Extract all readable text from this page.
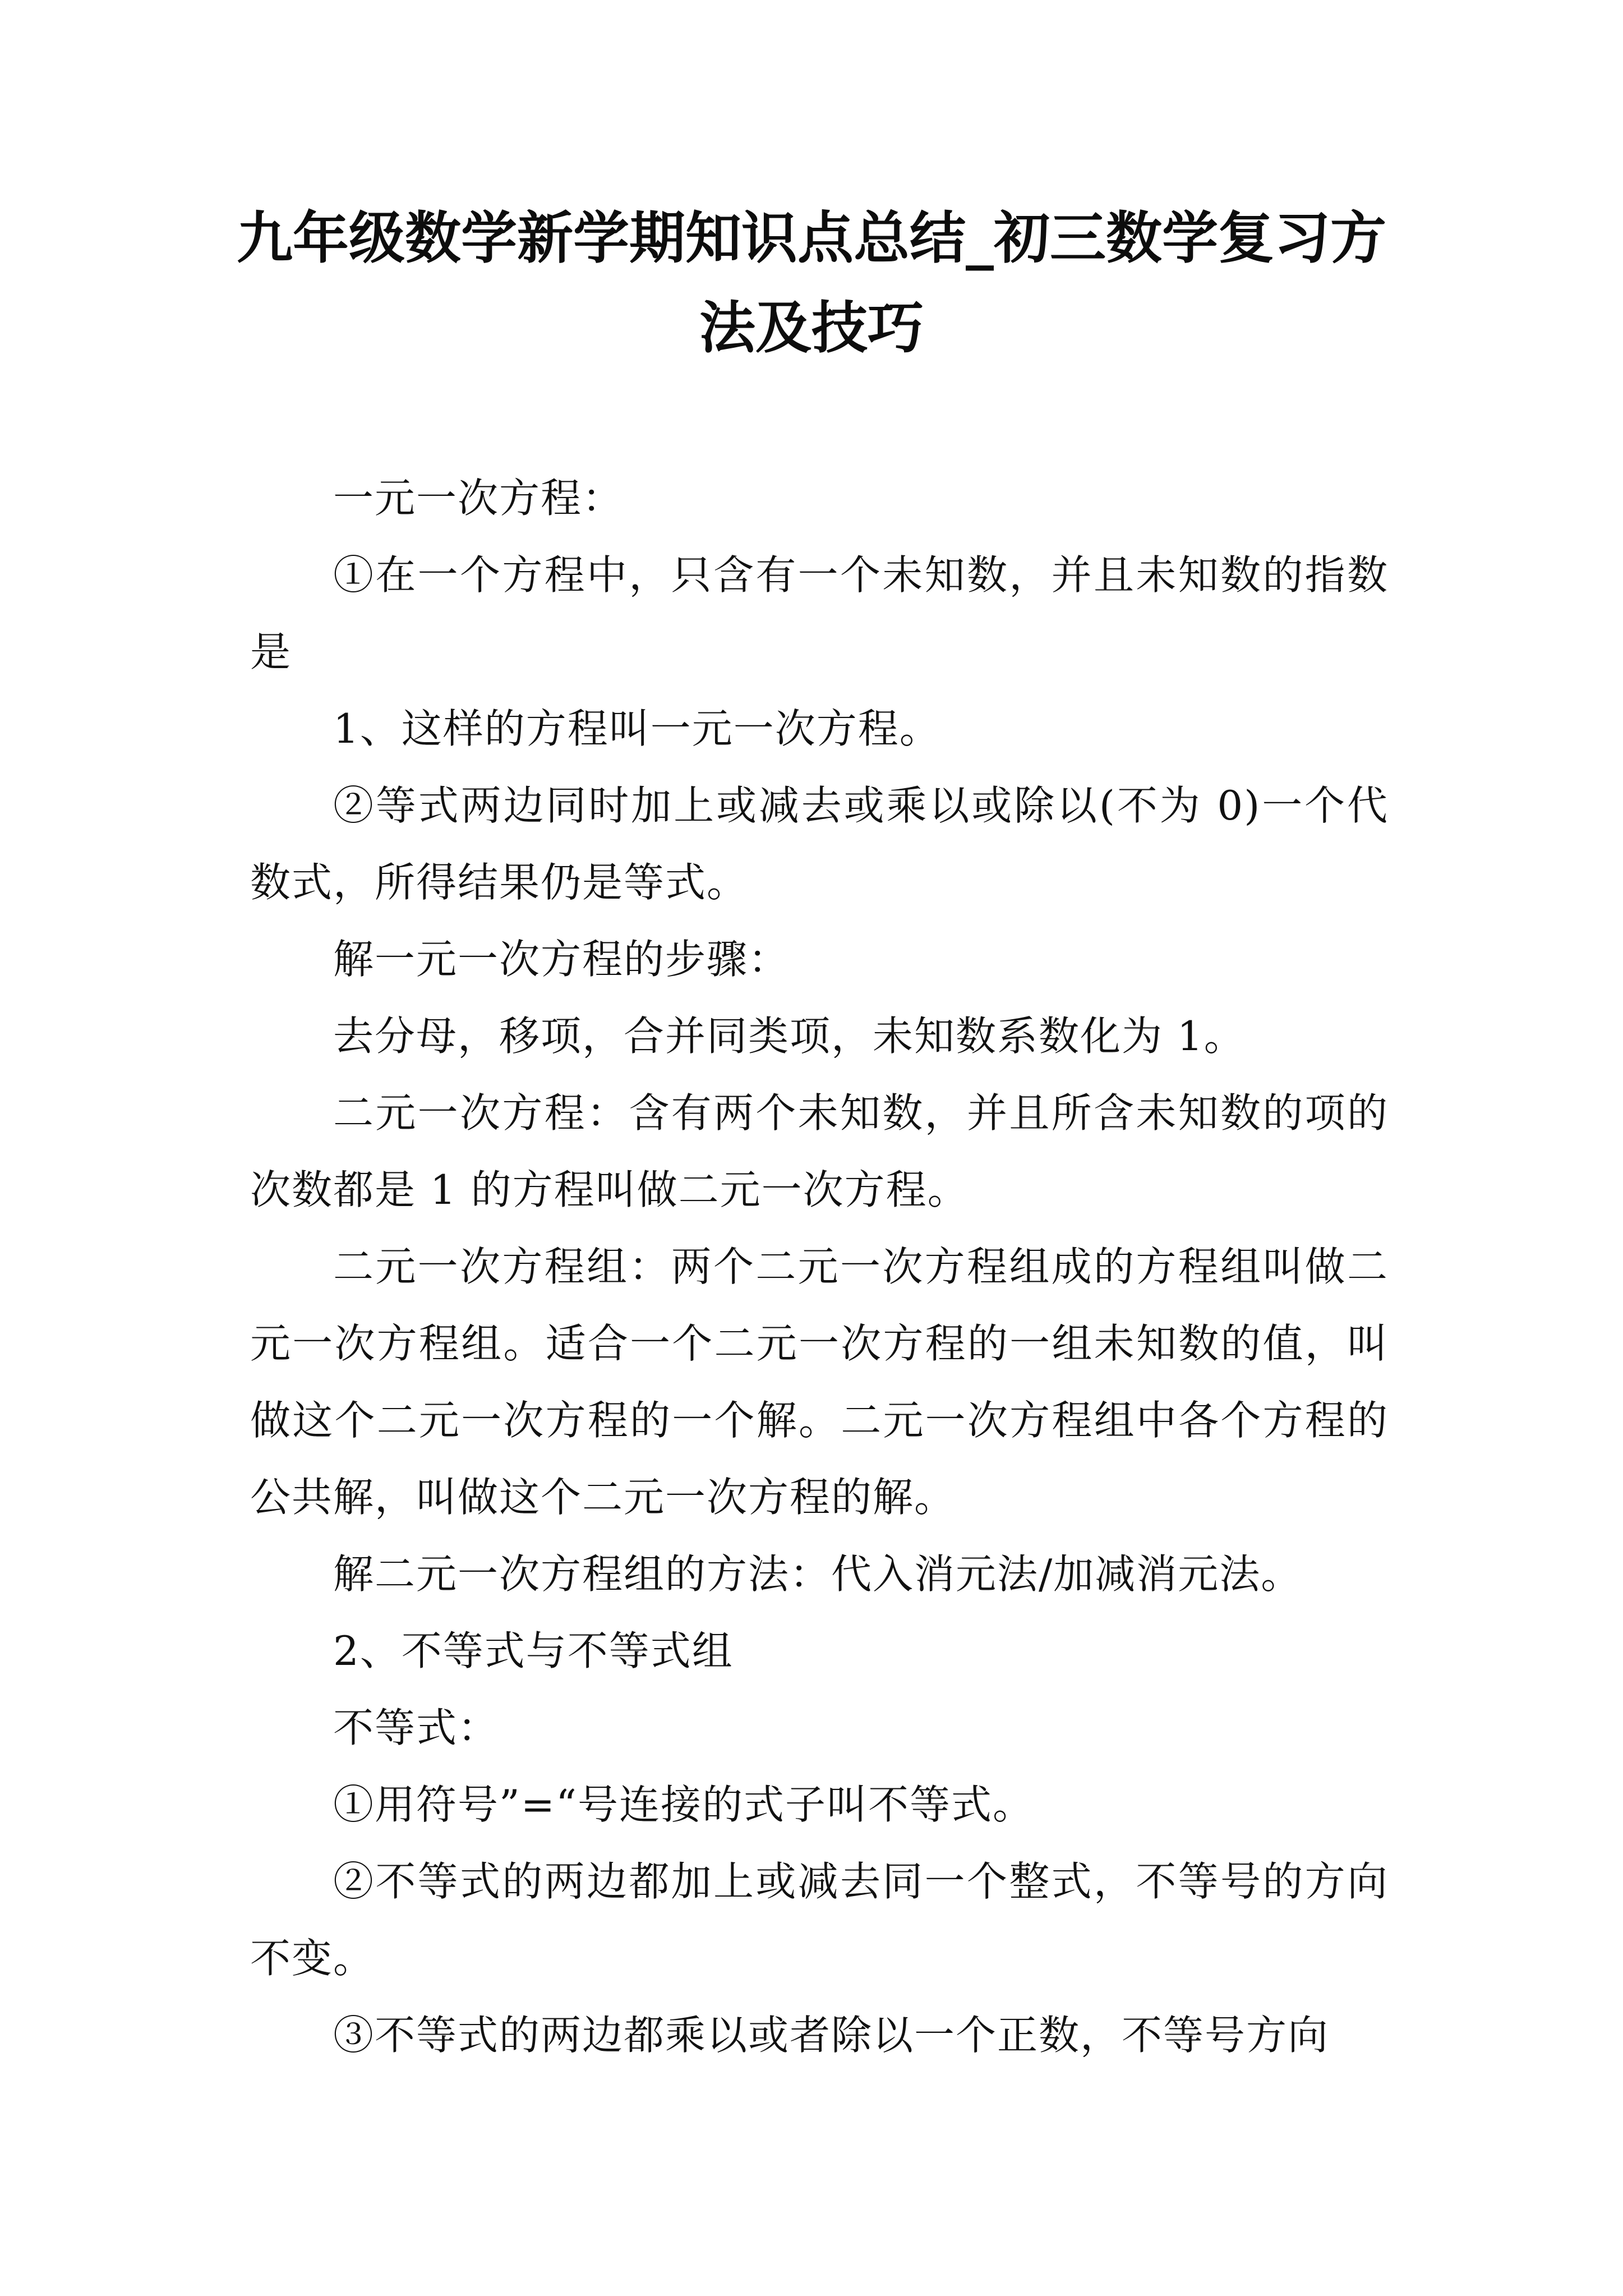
九年级数学新学期知识点总结_初三数学复习方法及技巧

一元一次方程：

①在一个方程中，只含有一个未知数，并且未知数的指数是

1、这样的方程叫一元一次方程。

②等式两边同时加上或减去或乘以或除以(不为 0)一个代数式，所得结果仍是等式。

解一元一次方程的步骤：

去分母，移项，合并同类项，未知数系数化为 1。

二元一次方程：含有两个未知数，并且所含未知数的项的次数都是 1 的方程叫做二元一次方程。

二元一次方程组：两个二元一次方程组成的方程组叫做二元一次方程组。适合一个二元一次方程的一组未知数的值，叫做这个二元一次方程的一个解。二元一次方程组中各个方程的公共解，叫做这个二元一次方程的解。

解二元一次方程组的方法：代入消元法/加减消元法。

2、不等式与不等式组

不等式：

①用符号”=“号连接的式子叫不等式。

②不等式的两边都加上或减去同一个整式，不等号的方向不变。

③不等式的两边都乘以或者除以一个正数，不等号方向
